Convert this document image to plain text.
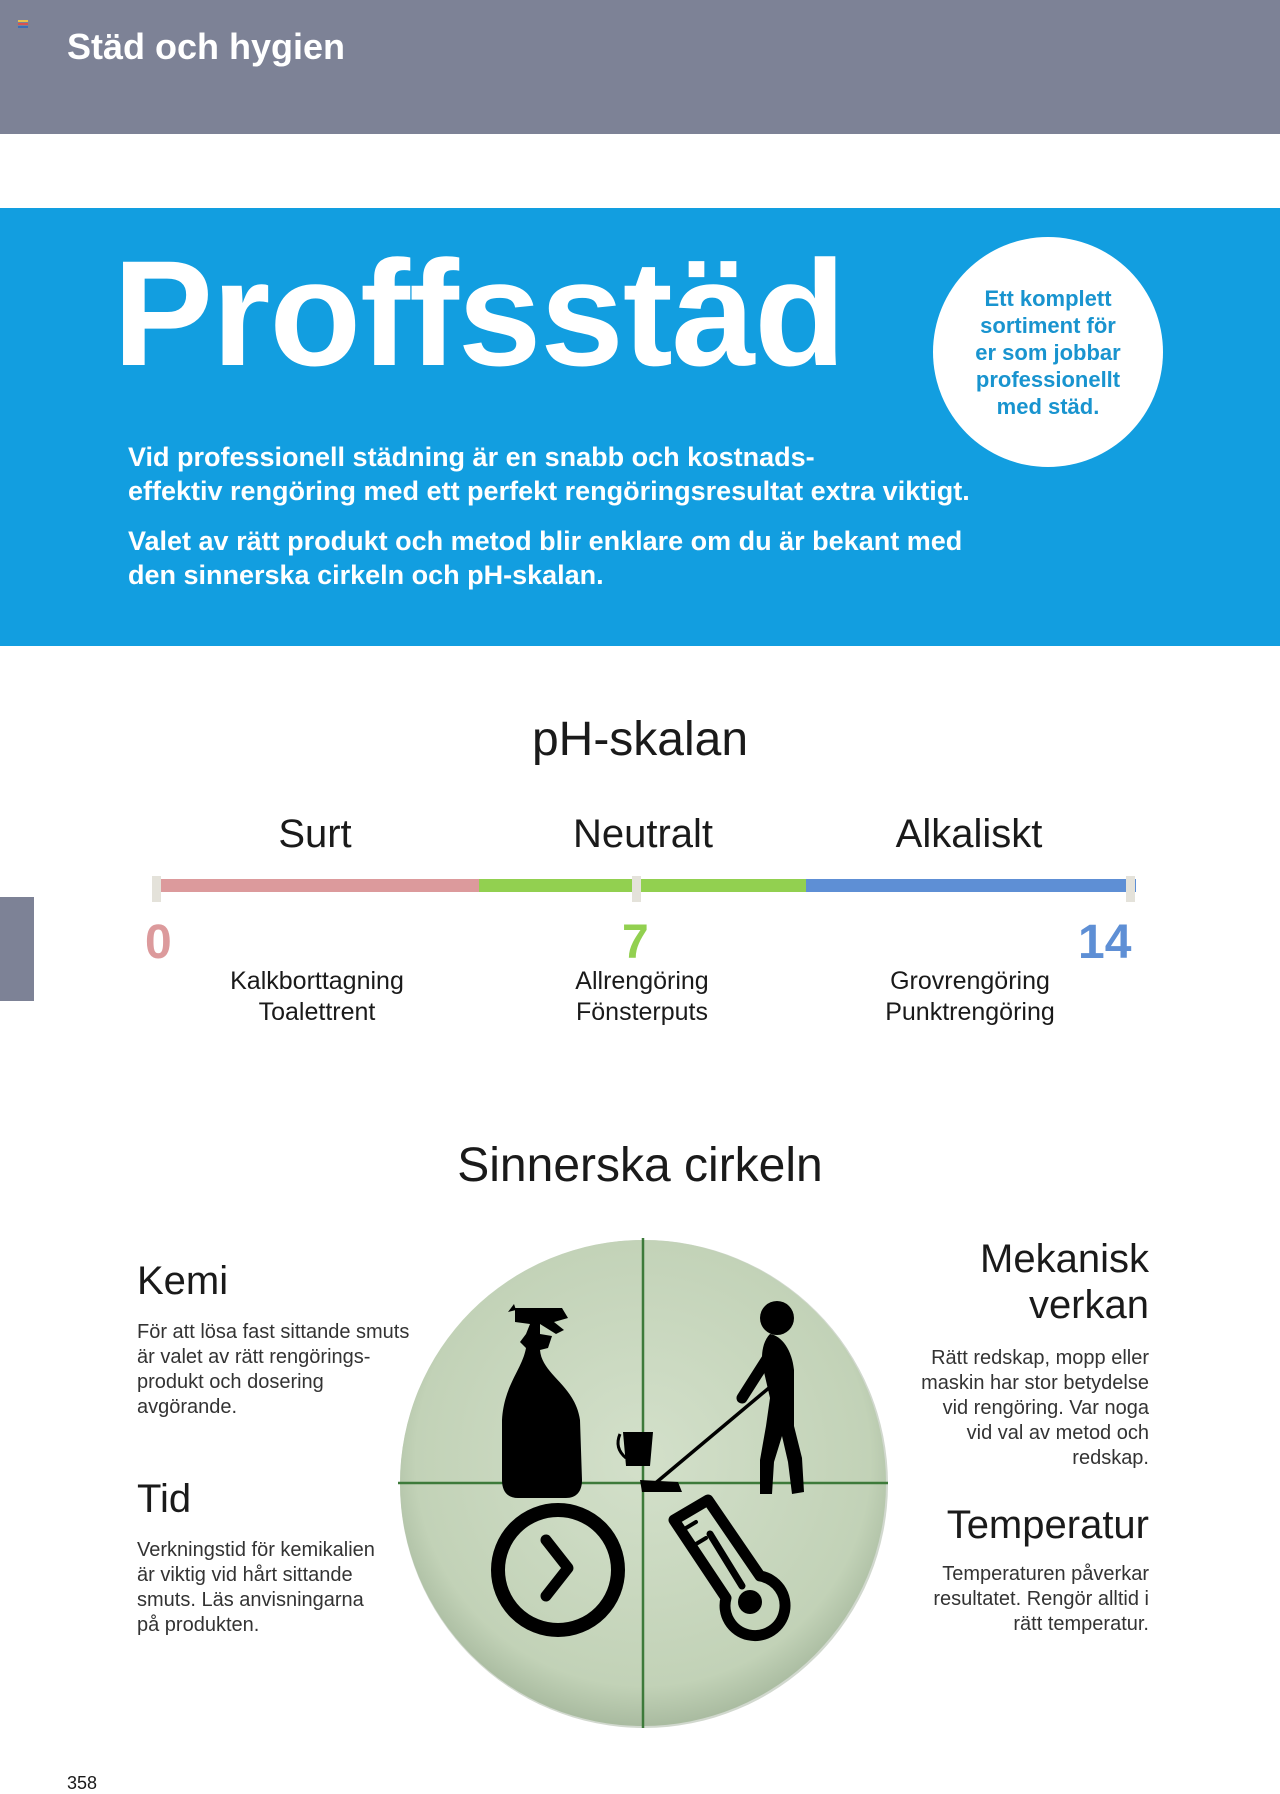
Städ och hygien
Proffsstäd
Vid professionell städning är en snabb och kostnads-
effektiv rengöring med ett perfekt rengöringsresultat extra viktigt.
Valet av rätt produkt och metod blir enklare om du är bekant med
den sinnerska cirkeln och pH-skalan.
Ett komplett
sortiment för
er som jobbar
professionellt
med städ.
pH-skalan
Surt	Neutralt	Alkaliskt
0	7	14
Kalkborttagning
Toalettrent
Allrengöring
Fönsterputs
Grovrengöring
Punktrengöring
Sinnerska cirkeln
Kemi
För att lösa fast sittande smuts
är valet av rätt rengörings-
produkt och dosering
avgörande.
Tid
Verkningstid för kemikalien
är viktig vid hårt sittande
smuts. Läs anvisningarna
på produkten.
Mekanisk
verkan
Rätt redskap, mopp eller
maskin har stor betydelse
vid rengöring. Var noga
vid val av metod och
redskap.
Temperatur
Temperaturen påverkar
resultatet. Rengör alltid i
rätt temperatur.
358
